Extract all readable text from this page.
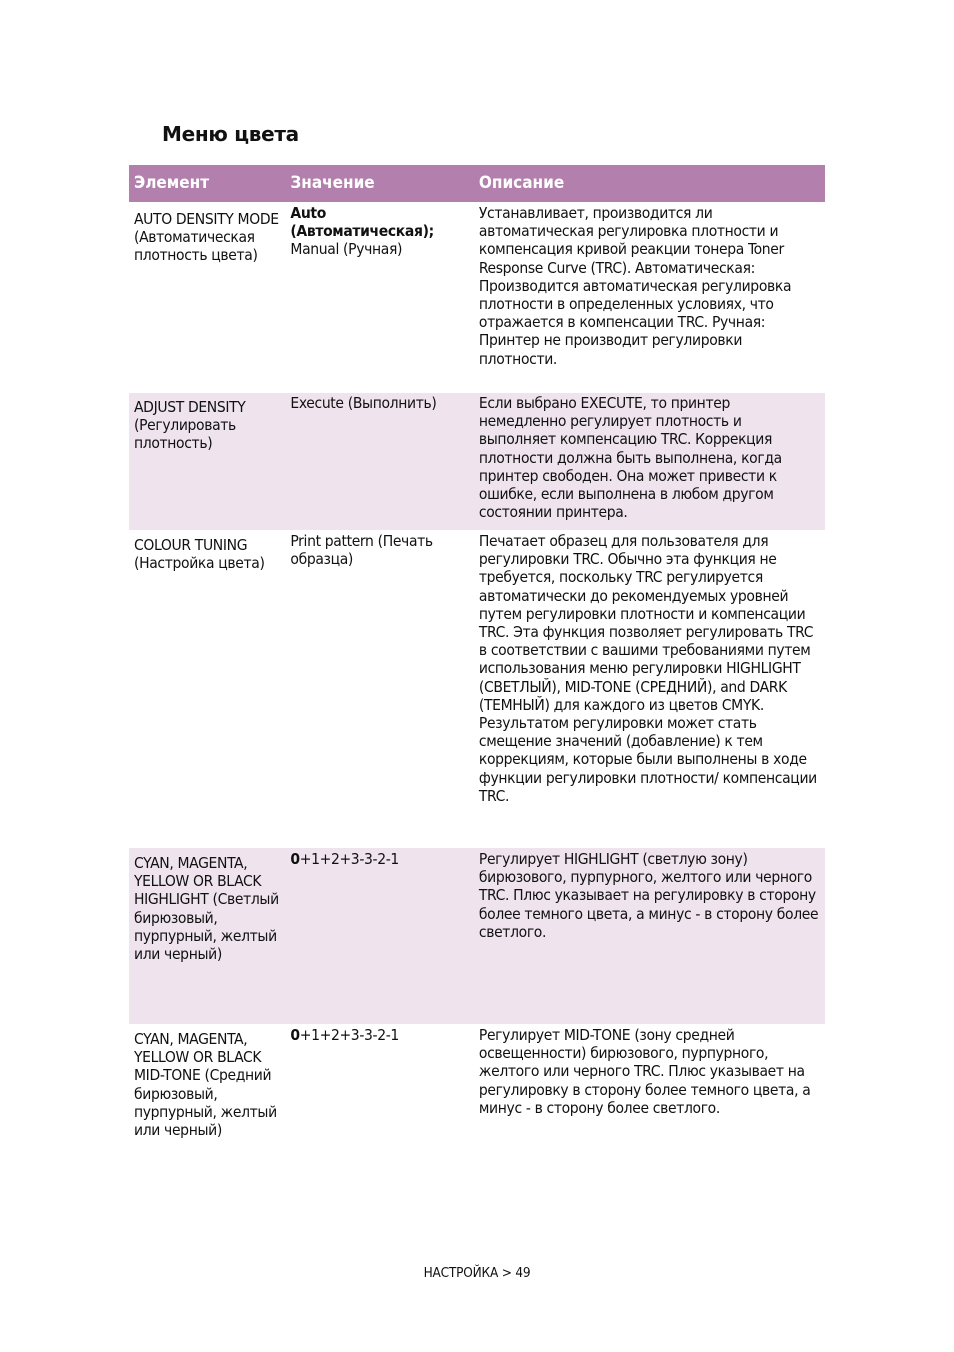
Меню цвета
Элемент	Значение	Описание
AUTO DENSITY MODE (Автоматическая плотность цвета)	Auto (Автоматическая); Manual (Ручная)	Устанавливает, производится ли автоматическая регулировка плотности и компенсация кривой реакции тонера Toner Response Curve (TRC). Автоматическая: Производится автоматическая регулировка плотности в определенных условиях, что отражается в компенсации TRC. Ручная: Принтер не производит регулировки плотности.
ADJUST DENSITY (Регулировать плотность)	Execute (Выполнить)	Если выбрано EXECUTE, то принтер немедленно регулирует плотность и выполняет компенсацию TRC. Коррекция плотности должна быть выполнена, когда принтер свободен. Она может привести к ошибке, если выполнена в любом другом состоянии принтера.
COLOUR TUNING (Настройка цвета)	Print pattern (Печать образца)	Печатает образец для пользователя для регулировки TRC. Обычно эта функция не требуется, поскольку TRC регулируется автоматически до рекомендуемых уровней путем регулировки плотности и компенсации TRC. Эта функция позволяет регулировать TRC в соответствии с вашими требованиями путем использования меню регулировки HIGHLIGHT (СВЕТЛЫЙ), MID-TONE (СРЕДНИЙ), and DARK (ТЕМНЫЙ) для каждого из цветов CMYK. Результатом регулировки может стать смещение значений (добавление) к тем коррекциям, которые были выполнены в ходе функции регулировки плотности/ компенсации TRC.
CYAN, MAGENTA, YELLOW OR BLACK HIGHLIGHT (Светлый бирюзовый, пурпурный, желтый или черный)	0+1+2+3-3-2-1	Регулирует HIGHLIGHT (светлую зону) бирюзового, пурпурного, желтого или черного TRC. Плюс указывает на регулировку в сторону более темного цвета, а минус - в сторону более светлого.
CYAN, MAGENTA, YELLOW OR BLACK MID-TONE (Средний бирюзовый, пурпурный, желтый или черный)	0+1+2+3-3-2-1	Регулирует MID-TONE (зону средней освещенности) бирюзового, пурпурного, желтого или черного TRC. Плюс указывает на регулировку в сторону более темного цвета, а минус - в сторону более светлого.
НАСТРОЙКА > 49
